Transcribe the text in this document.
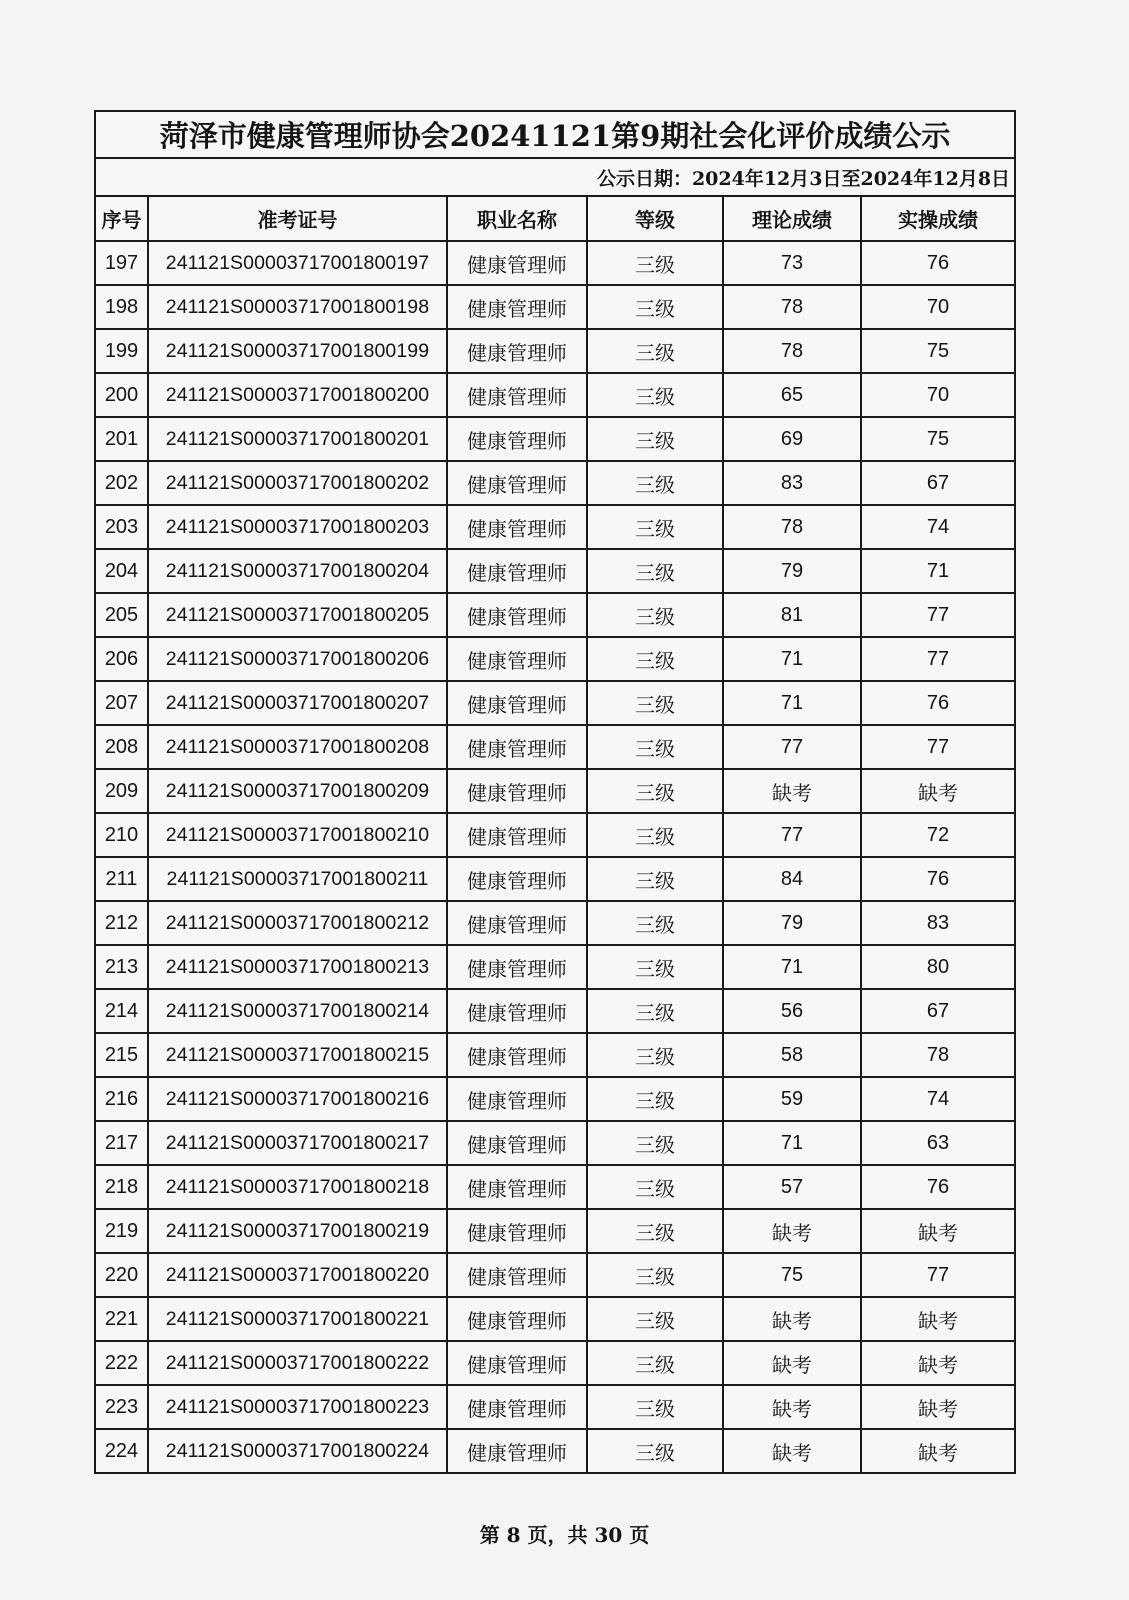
菏泽市健康管理师协会20241121第9期社会化评价成绩公示					
公示日期：2024年12月3日至2024年12月8日					
序号	准考证号	职业名称	等级	理论成绩	实操成绩
197	241121S00003717001800197	健康管理师	三级	73	76
198	241121S00003717001800198	健康管理师	三级	78	70
199	241121S00003717001800199	健康管理师	三级	78	75
200	241121S00003717001800200	健康管理师	三级	65	70
201	241121S00003717001800201	健康管理师	三级	69	75
202	241121S00003717001800202	健康管理师	三级	83	67
203	241121S00003717001800203	健康管理师	三级	78	74
204	241121S00003717001800204	健康管理师	三级	79	71
205	241121S00003717001800205	健康管理师	三级	81	77
206	241121S00003717001800206	健康管理师	三级	71	77
207	241121S00003717001800207	健康管理师	三级	71	76
208	241121S00003717001800208	健康管理师	三级	77	77
209	241121S00003717001800209	健康管理师	三级	缺考	缺考
210	241121S00003717001800210	健康管理师	三级	77	72
211	241121S00003717001800211	健康管理师	三级	84	76
212	241121S00003717001800212	健康管理师	三级	79	83
213	241121S00003717001800213	健康管理师	三级	71	80
214	241121S00003717001800214	健康管理师	三级	56	67
215	241121S00003717001800215	健康管理师	三级	58	78
216	241121S00003717001800216	健康管理师	三级	59	74
217	241121S00003717001800217	健康管理师	三级	71	63
218	241121S00003717001800218	健康管理师	三级	57	76
219	241121S00003717001800219	健康管理师	三级	缺考	缺考
220	241121S00003717001800220	健康管理师	三级	75	77
221	241121S00003717001800221	健康管理师	三级	缺考	缺考
222	241121S00003717001800222	健康管理师	三级	缺考	缺考
223	241121S00003717001800223	健康管理师	三级	缺考	缺考
224	241121S00003717001800224	健康管理师	三级	缺考	缺考
第 8 页，共 30 页
